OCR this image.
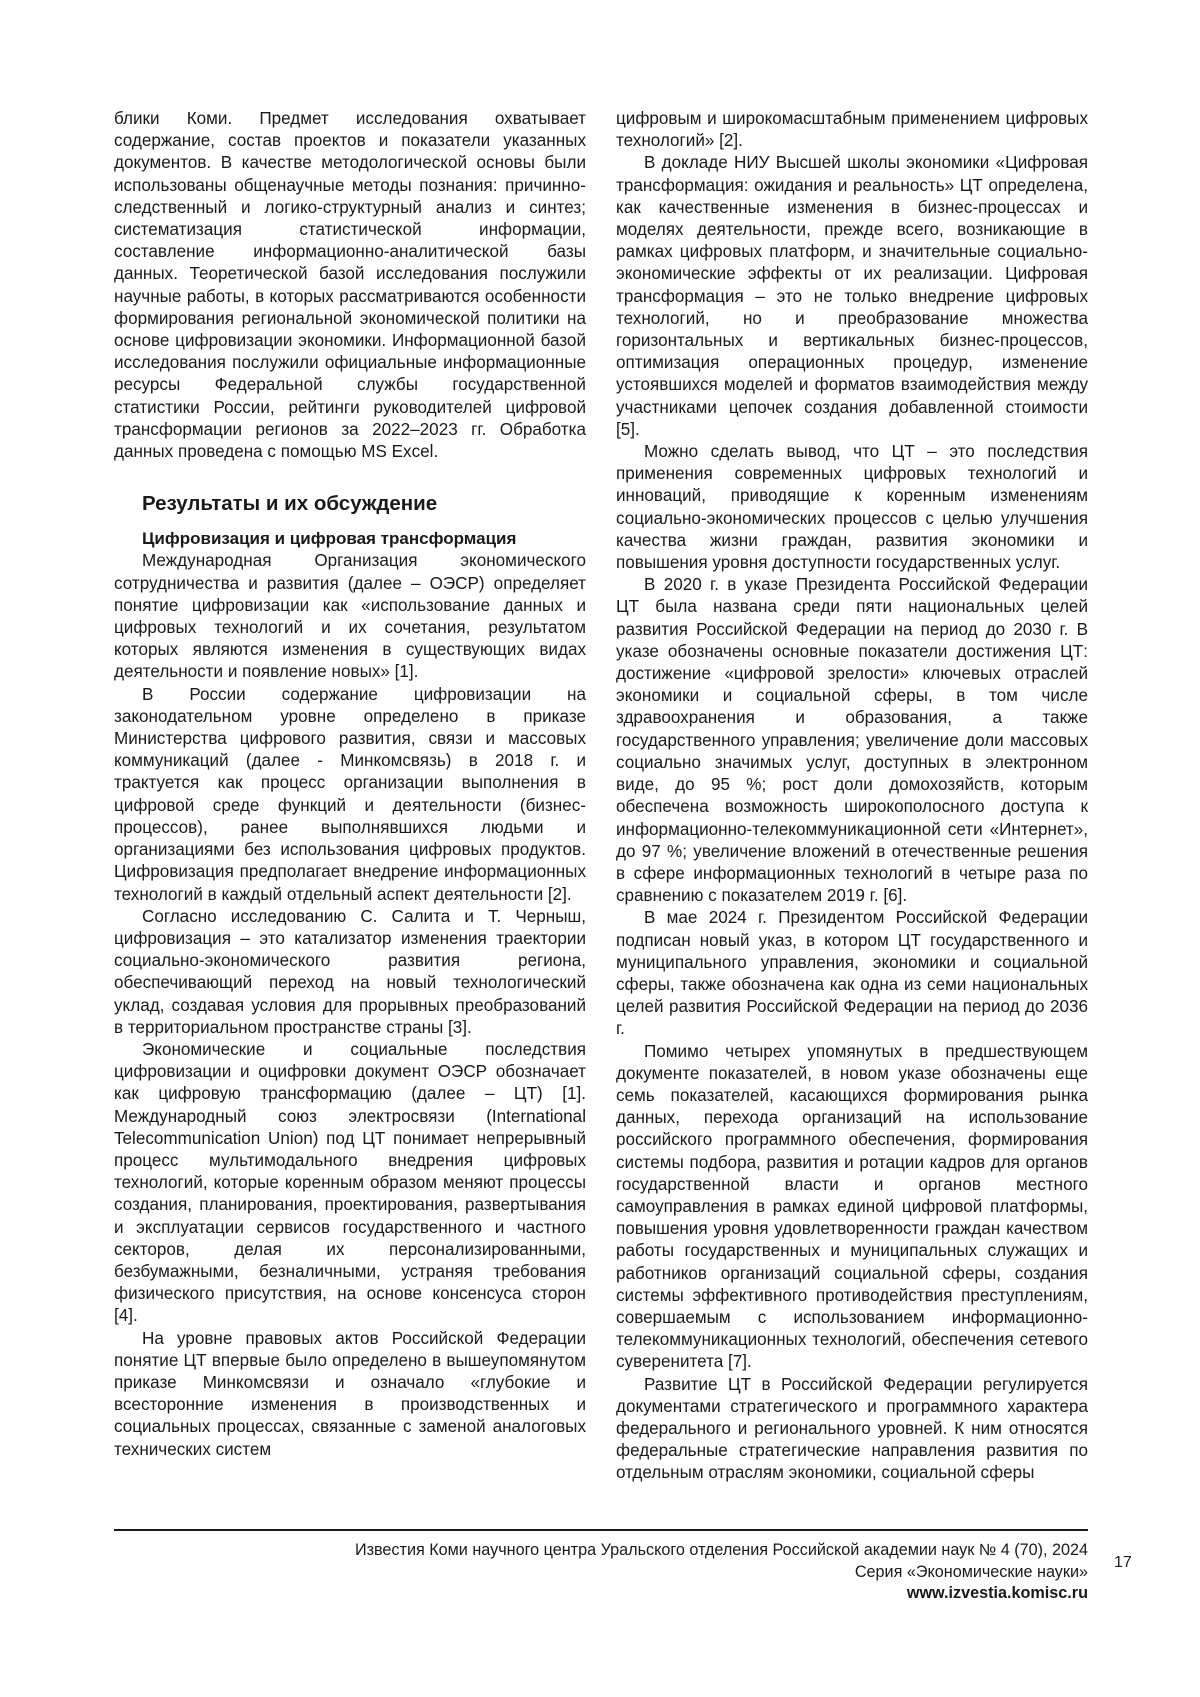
блики Коми. Предмет исследования охватывает содержание, состав проектов и показатели указанных документов. В качестве методологической основы были использованы общенаучные методы познания: причинно-следственный и логико-структурный анализ и синтез; систематизация статистической информации, составление информационно-аналитической базы данных. Теоретической базой исследования послужили научные работы, в которых рассматриваются особенности формирования региональной экономической политики на основе цифровизации экономики. Информационной базой исследования послужили официальные информационные ресурсы Федеральной службы государственной статистики России, рейтинги руководителей цифровой трансформации регионов за 2022–2023 гг. Обработка данных проведена с помощью MS Excel.

Результаты и их обсуждение
Цифровизация и цифровая трансформация

Международная Организация экономического сотрудничества и развития (далее – ОЭСР) определяет понятие цифровизации как «использование данных и цифровых технологий и их сочетания, результатом которых являются изменения в существующих видах деятельности и появление новых» [1].

В России содержание цифровизации на законодательном уровне определено в приказе Министерства цифрового развития, связи и массовых коммуникаций (далее - Минкомсвязь) в 2018 г. и трактуется как процесс организации выполнения в цифровой среде функций и деятельности (бизнес-процессов), ранее выполнявшихся людьми и организациями без использования цифровых продуктов. Цифровизация предполагает внедрение информационных технологий в каждый отдельный аспект деятельности [2].

Согласно исследованию С. Салита и Т. Черныш, цифровизация – это катализатор изменения траектории социально-экономического развития региона, обеспечивающий переход на новый технологический уклад, создавая условия для прорывных преобразований в территориальном пространстве страны [3].

Экономические и социальные последствия цифровизации и оцифровки документ ОЭСР обозначает как цифровую трансформацию (далее – ЦТ) [1]. Международный союз электросвязи (International Telecommunication Union) под ЦТ понимает непрерывный процесс мультимодального внедрения цифровых технологий, которые коренным образом меняют процессы создания, планирования, проектирования, развертывания и эксплуатации сервисов государственного и частного секторов, делая их персонализированными, безбумажными, безналичными, устраняя требования физического присутствия, на основе консенсуса сторон [4].

На уровне правовых актов Российской Федерации понятие ЦТ впервые было определено в вышеупомянутом приказе Минкомсвязи и означало «глубокие и всесторонние изменения в производственных и социальных процессах, связанные с заменой аналоговых технических систем

цифровым и широкомасштабным применением цифровых технологий» [2].

В докладе НИУ Высшей школы экономики «Цифровая трансформация: ожидания и реальность» ЦТ определена, как качественные изменения в бизнес-процессах и моделях деятельности, прежде всего, возникающие в рамках цифровых платформ, и значительные социально-экономические эффекты от их реализации. Цифровая трансформация – это не только внедрение цифровых технологий, но и преобразование множества горизонтальных и вертикальных бизнес-процессов, оптимизация операционных процедур, изменение устоявшихся моделей и форматов взаимодействия между участниками цепочек создания добавленной стоимости [5].

Можно сделать вывод, что ЦТ – это последствия применения современных цифровых технологий и инноваций, приводящие к коренным изменениям социально-экономических процессов с целью улучшения качества жизни граждан, развития экономики и повышения уровня доступности государственных услуг.

В 2020 г. в указе Президента Российской Федерации ЦТ была названа среди пяти национальных целей развития Российской Федерации на период до 2030 г. В указе обозначены основные показатели достижения ЦТ: достижение «цифровой зрелости» ключевых отраслей экономики и социальной сферы, в том числе здравоохранения и образования, а также государственного управления; увеличение доли массовых социально значимых услуг, доступных в электронном виде, до 95 %; рост доли домохозяйств, которым обеспечена возможность широкополосного доступа к информационно-телекоммуникационной сети «Интернет», до 97 %; увеличение вложений в отечественные решения в сфере информационных технологий в четыре раза по сравнению с показателем 2019 г. [6].

В мае 2024 г. Президентом Российской Федерации подписан новый указ, в котором ЦТ государственного и муниципального управления, экономики и социальной сферы, также обозначена как одна из семи национальных целей развития Российской Федерации на период до 2036 г.

Помимо четырех упомянутых в предшествующем документе показателей, в новом указе обозначены еще семь показателей, касающихся формирования рынка данных, перехода организаций на использование российского программного обеспечения, формирования системы подбора, развития и ротации кадров для органов государственной власти и органов местного самоуправления в рамках единой цифровой платформы, повышения уровня удовлетворенности граждан качеством работы государственных и муниципальных служащих и работников организаций социальной сферы, создания системы эффективного противодействия преступлениям, совершаемым с использованием информационно-телекоммуникационных технологий, обеспечения сетевого суверенитета [7].

Развитие ЦТ в Российской Федерации регулируется документами стратегического и программного характера федерального и регионального уровней. К ним относятся федеральные стратегические направления развития по отдельным отраслям экономики, социальной сферы

Известия Коми научного центра Уральского отделения Российской академии наук № 4 (70), 2024
Серия «Экономические науки»
www.izvestia.komisc.ru
17
